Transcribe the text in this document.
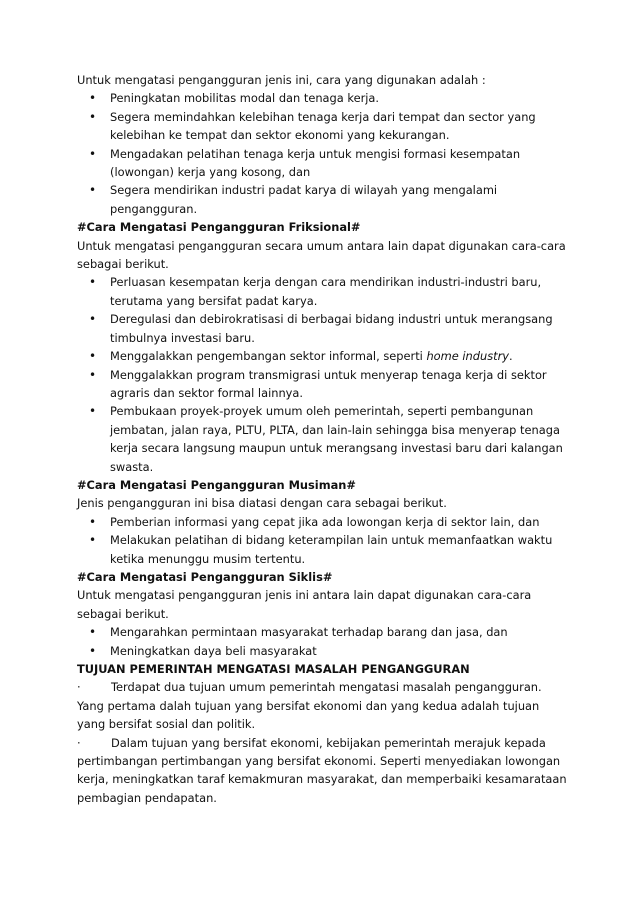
Untuk mengatasi pengangguran jenis ini, cara yang digunakan adalah :

• Peningkatan mobilitas modal dan tenaga kerja.
• Segera memindahkan kelebihan tenaga kerja dari tempat dan sector yang kelebihan ke tempat dan sektor ekonomi yang kekurangan.
• Mengadakan pelatihan tenaga kerja untuk mengisi formasi kesempatan (lowongan) kerja yang kosong, dan
• Segera mendirikan industri padat karya di wilayah yang mengalami pengangguran.

#Cara Mengatasi Pengangguran Friksional#

Untuk mengatasi pengangguran secara umum antara lain dapat digunakan cara-cara sebagai berikut.

• Perluasan kesempatan kerja dengan cara mendirikan industri-industri baru, terutama yang bersifat padat karya.
• Deregulasi dan debirokratisasi di berbagai bidang industri untuk merangsang timbulnya investasi baru.
• Menggalakkan pengembangan sektor informal, seperti home industry.
• Menggalakkan program transmigrasi untuk menyerap tenaga kerja di sektor agraris dan sektor formal lainnya.
• Pembukaan proyek-proyek umum oleh pemerintah, seperti pembangunan jembatan, jalan raya, PLTU, PLTA, dan lain-lain sehingga bisa menyerap tenaga kerja secara langsung maupun untuk merangsang investasi baru dari kalangan swasta.

#Cara Mengatasi Pengangguran Musiman#

Jenis pengangguran ini bisa diatasi dengan cara sebagai berikut.

• Pemberian informasi yang cepat jika ada lowongan kerja di sektor lain, dan
• Melakukan pelatihan di bidang keterampilan lain untuk memanfaatkan waktu ketika menunggu musim tertentu.

#Cara Mengatasi Pengangguran Siklis#

Untuk mengatasi pengangguran jenis ini antara lain dapat digunakan cara-cara sebagai berikut.

• Mengarahkan permintaan masyarakat terhadap barang dan jasa, dan
• Meningkatkan daya beli masyarakat

TUJUAN PEMERINTAH MENGATASI MASALAH PENGANGGURAN

·	Terdapat dua tujuan umum pemerintah mengatasi masalah pengangguran. Yang pertama dalah tujuan yang bersifat ekonomi dan yang kedua adalah tujuan yang bersifat sosial dan politik.

·	Dalam tujuan yang bersifat ekonomi, kebijakan pemerintah merajuk kepada pertimbangan pertimbangan yang bersifat ekonomi. Seperti menyediakan lowongan kerja, meningkatkan taraf kemakmuran masyarakat, dan memperbaiki kesamarataan pembagian pendapatan.
